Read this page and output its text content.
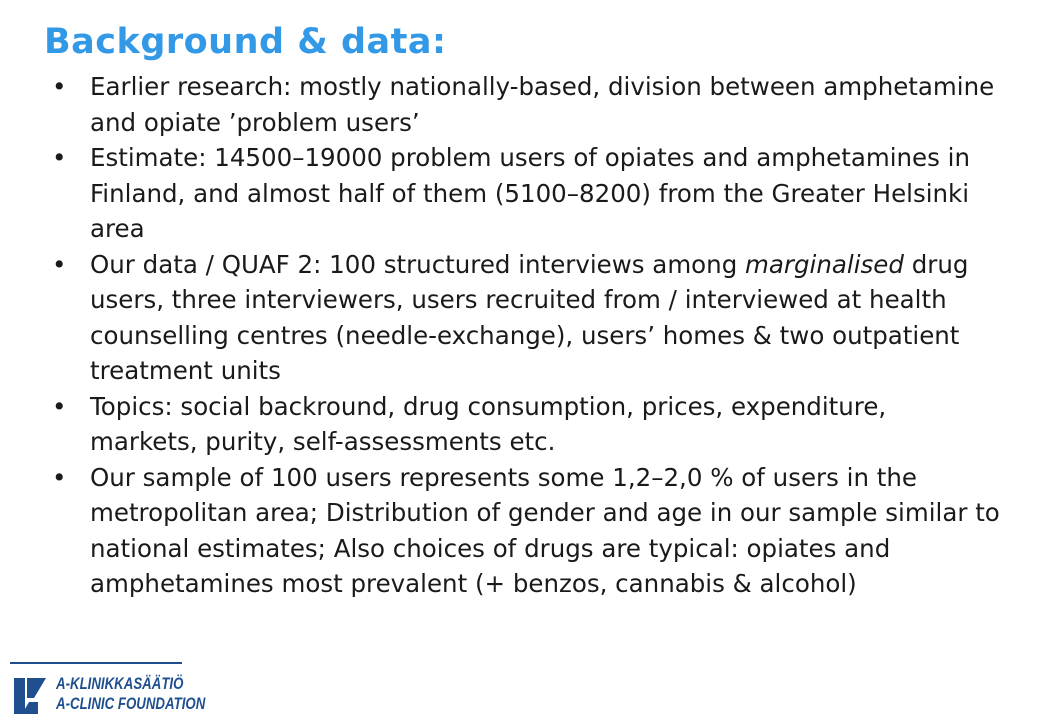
Background & data:
• Earlier research: mostly nationally-based, division between amphetamine and opiate ’problem users’
• Estimate: 14500–19000 problem users of opiates and amphetamines in Finland, and almost half of them (5100–8200) from the Greater Helsinki area
• Our data / QUAF 2: 100 structured interviews among marginalised drug users, three interviewers, users recruited from / interviewed at health counselling centres (needle-exchange), users’ homes & two outpatient treatment units
• Topics: social backround, drug consumption, prices, expenditure, markets, purity, self-assessments etc.
• Our sample of 100 users represents some 1,2–2,0 % of users in the metropolitan area; Distribution of gender and age in our sample similar to national estimates; Also choices of drugs are typical: opiates and amphetamines most prevalent (+ benzos, cannabis & alcohol)
A-KLINIKKASÄÄTIÖ
A-CLINIC FOUNDATION
